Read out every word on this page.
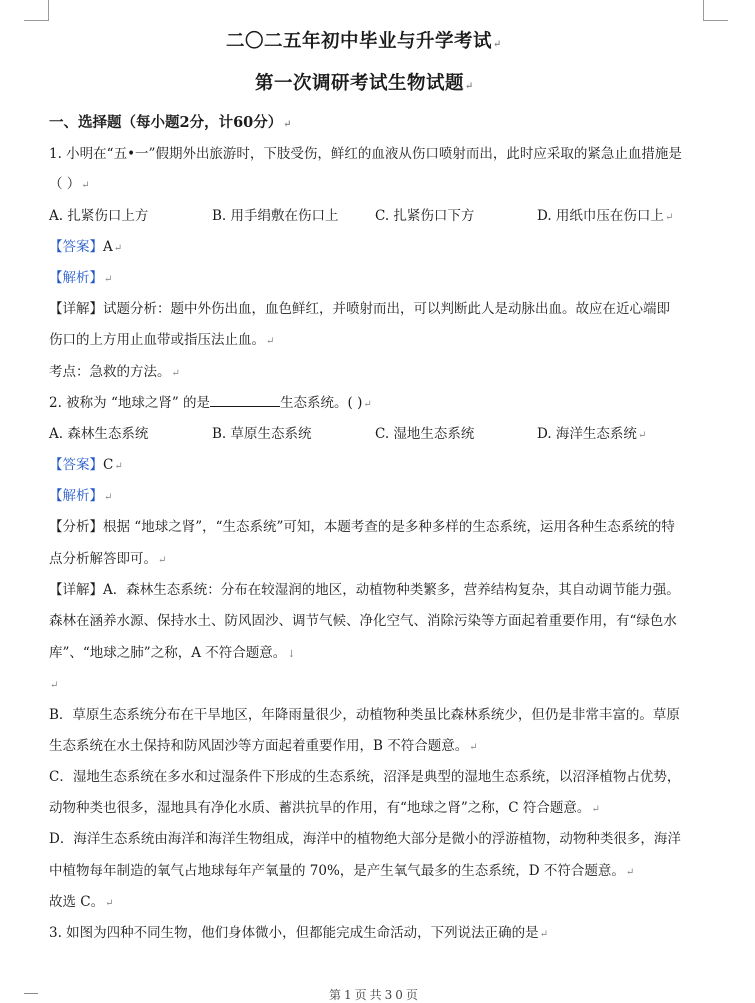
二〇二五年初中毕业与升学考试↵
第一次调研考试生物试题↵
一、选择题（每小题2分，计60分）↵
1. 小明在“五•一”假期外出旅游时，下肢受伤，鲜红的血液从伤口喷射而出，此时应采取的紧急止血措施是
（ ）↵
A. 扎紧伤口上方	B. 用手绢敷在伤口上	C. 扎紧伤口下方	D. 用纸巾压在伤口上↵
【答案】A↵
【解析】↵
【详解】试题分析：题中外伤出血，血色鲜红，并喷射而出，可以判断此人是动脉出血。故应在近心端即
伤口的上方用止血带或指压法止血。↵
考点：急救的方法。↵
2. 被称为 “地球之肾” 的是	生态系统。( )↵
A. 森林生态系统	B. 草原生态系统	C. 湿地生态系统	D. 海洋生态系统↵
【答案】C↵
【解析】↵
【分析】根据 “地球之肾”，“生态系统”可知，本题考查的是多种多样的生态系统，运用各种生态系统的特
点分析解答即可。↵
【详解】A．森林生态系统：分布在较湿润的地区，动植物种类繁多，营养结构复杂，其自动调节能力强。
森林在涵养水源、保持水土、防风固沙、调节气候、净化空气、消除污染等方面起着重要作用，有“绿色水
库”、“地球之肺”之称，A 不符合题意。↓
↵
B．草原生态系统分布在干旱地区，年降雨量很少，动植物种类虽比森林系统少，但仍是非常丰富的。草原
生态系统在水土保持和防风固沙等方面起着重要作用，B 不符合题意。↵
C．湿地生态系统在多水和过湿条件下形成的生态系统，沼泽是典型的湿地生态系统，以沼泽植物占优势，
动物种类也很多，湿地具有净化水质、蓄洪抗旱的作用，有“地球之肾”之称，C 符合题意。↵
D．海洋生态系统由海洋和海洋生物组成，海洋中的植物绝大部分是微小的浮游植物，动物种类很多，海洋
中植物每年制造的氧气占地球每年产氧量的 70%，是产生氧气最多的生态系统，D 不符合题意。↵
故选 C。↵
3. 如图为四种不同生物，他们身体微小，但都能完成生命活动，下列说法正确的是↵
第1页共30页
